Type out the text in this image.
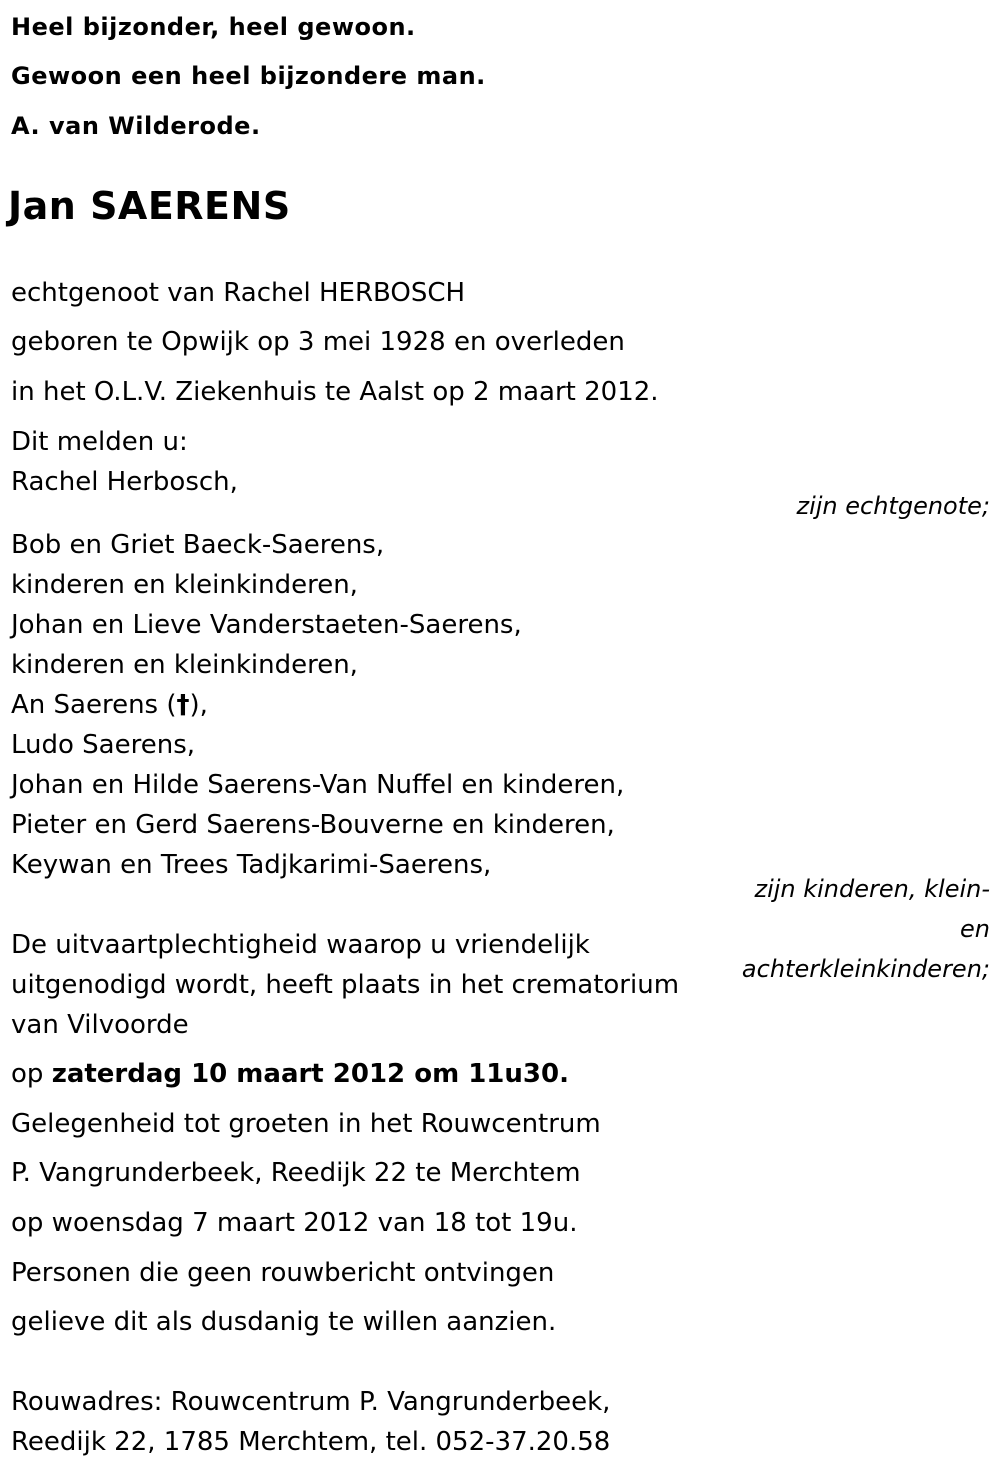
Heel bijzonder, heel gewoon.
Gewoon een heel bijzondere man.
A. van Wilderode.
Jan SAERENS
echtgenoot van Rachel HERBOSCH
geboren te Opwijk op 3 mei 1928 en overleden
in het O.L.V. Ziekenhuis te Aalst op 2 maart 2012.
Dit melden u:
Rachel Herbosch,
zijn echtgenote;
Bob en Griet Baeck-Saerens,
kinderen en kleinkinderen,
Johan en Lieve Vanderstaeten-Saerens,
kinderen en kleinkinderen,
An Saerens (†),
Ludo Saerens,
Johan en Hilde Saerens-Van Nuffel en kinderen,
Pieter en Gerd Saerens-Bouverne en kinderen,
Keywan en Trees Tadjkarimi-Saerens,
zijn kinderen, klein-
en
achterkleinkinderen;
De uitvaartplechtigheid waarop u vriendelijk
uitgenodigd wordt, heeft plaats in het crematorium
van Vilvoorde
op zaterdag 10 maart 2012 om 11u30.
Gelegenheid tot groeten in het Rouwcentrum
P. Vangrunderbeek, Reedijk 22 te Merchtem
op woensdag 7 maart 2012 van 18 tot 19u.
Personen die geen rouwbericht ontvingen
gelieve dit als dusdanig te willen aanzien.
Rouwadres: Rouwcentrum P. Vangrunderbeek,
Reedijk 22, 1785 Merchtem, tel. 052-37.20.58
